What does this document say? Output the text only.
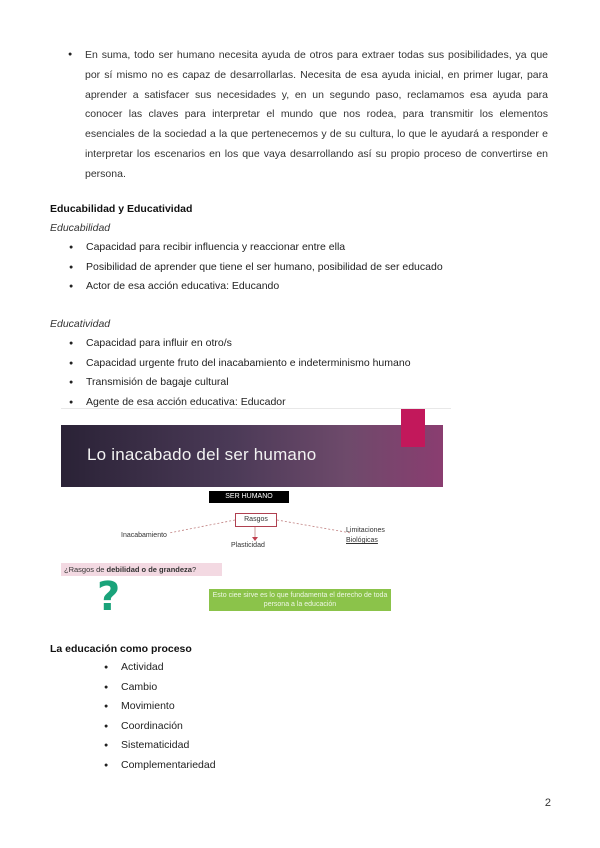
● En suma, todo ser humano necesita ayuda de otros para extraer todas sus posibilidades, ya que por sí mismo no es capaz de desarrollarlas. Necesita de esa ayuda inicial, en primer lugar, para aprender a satisfacer sus necesidades y, en un segundo paso, reclamamos esa ayuda para conocer las claves para interpretar el mundo que nos rodea, para transmitir los elementos esenciales de la sociedad a la que pertenecemos y de su cultura, lo que le ayudará a responder e interpretar los escenarios en los que vaya desarrollando así su propio proceso de convertirse en persona.
Educabilidad y Educatividad
Educabilidad
● Capacidad para recibir influencia y reaccionar entre ella
● Posibilidad de aprender que tiene el ser humano, posibilidad de ser educado
● Actor de esa acción educativa: Educando
Educatividad
● Capacidad para influir en otro/s
● Capacidad urgente fruto del inacabamiento e indeterminismo humano
● Transmisión de bagaje cultural
● Agente de esa acción educativa: Educador
Lo inacabado del ser humano
SER HUMANO
Rasgos
Inacabamiento
Plasticidad
Limitaciones
Biológicas
¿Rasgos de debilidad o de grandeza?
?	Esto ciee sirve es lo que fundamenta el derecho de toda persona a la educación
La educación como proceso
● Actividad
● Cambio
● Movimiento
● Coordinación
● Sistematicidad
● Complementariedad
2
